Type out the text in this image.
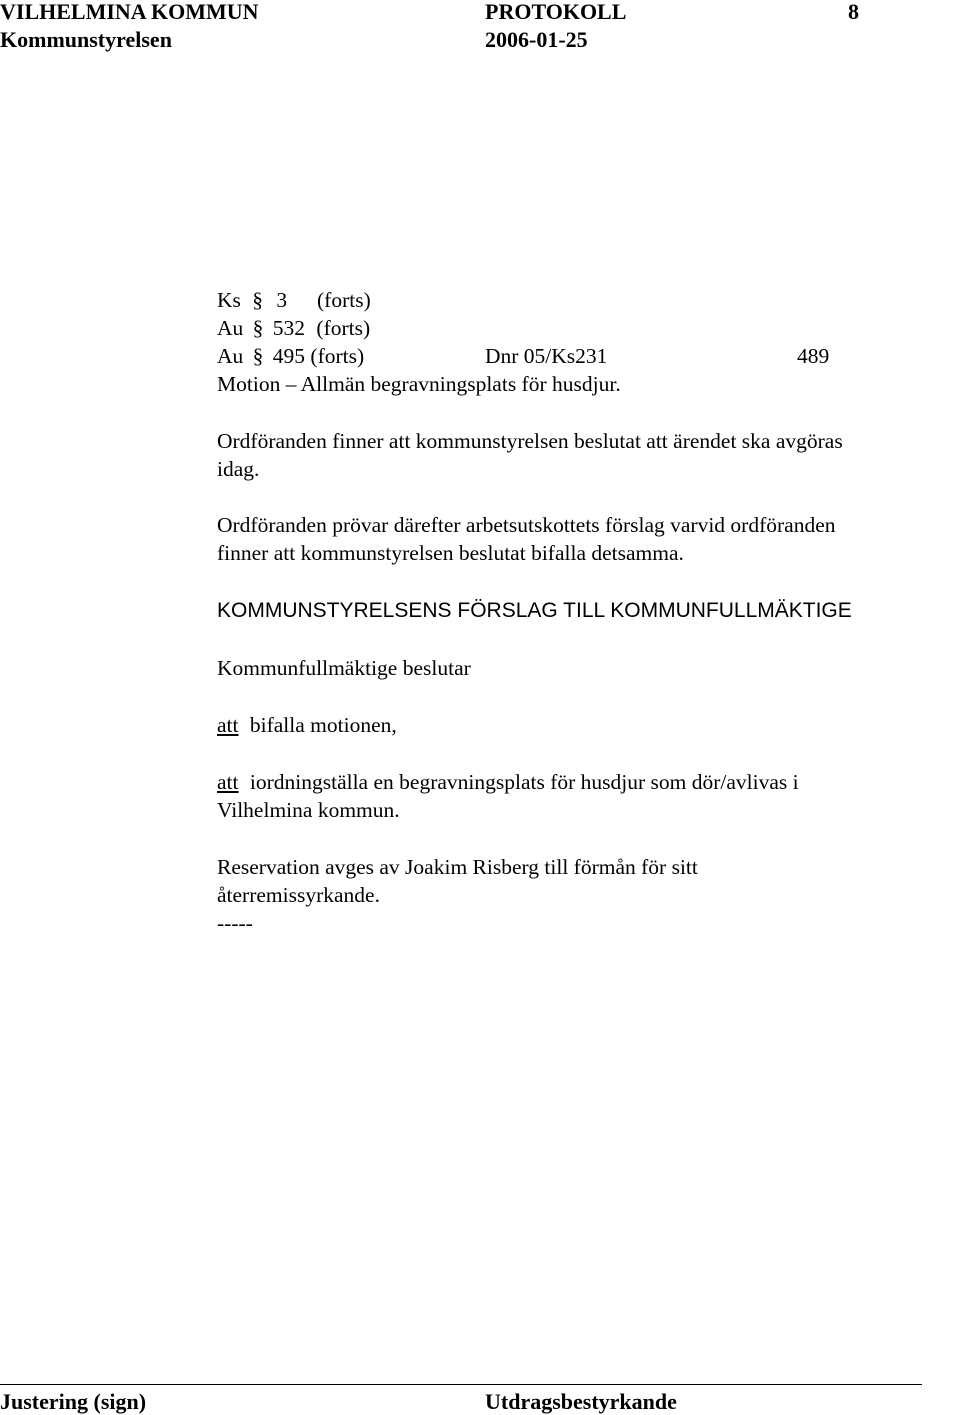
VILHELMINA KOMMUN	PROTOKOLL	8
Kommunstyrelsen	2006-01-25
Ks § 3 (forts)
Au § 532 (forts)
Au § 495 (forts)	Dnr 05/Ks231	489
Motion – Allmän begravningsplats för husdjur.
Ordföranden finner att kommunstyrelsen beslutat att ärendet ska avgöras
idag.
Ordföranden prövar därefter arbetsutskottets förslag varvid ordföranden
finner att kommunstyrelsen beslutat bifalla detsamma.
KOMMUNSTYRELSENS FÖRSLAG TILL KOMMUNFULLMÄKTIGE
Kommunfullmäktige beslutar
att bifalla motionen,
att iordningställa en begravningsplats för husdjur som dör/avlivas i
Vilhelmina kommun.
Reservation avges av Joakim Risberg till förmån för sitt
återremissyrkande.
-----
Justering (sign)	Utdragsbestyrkande
